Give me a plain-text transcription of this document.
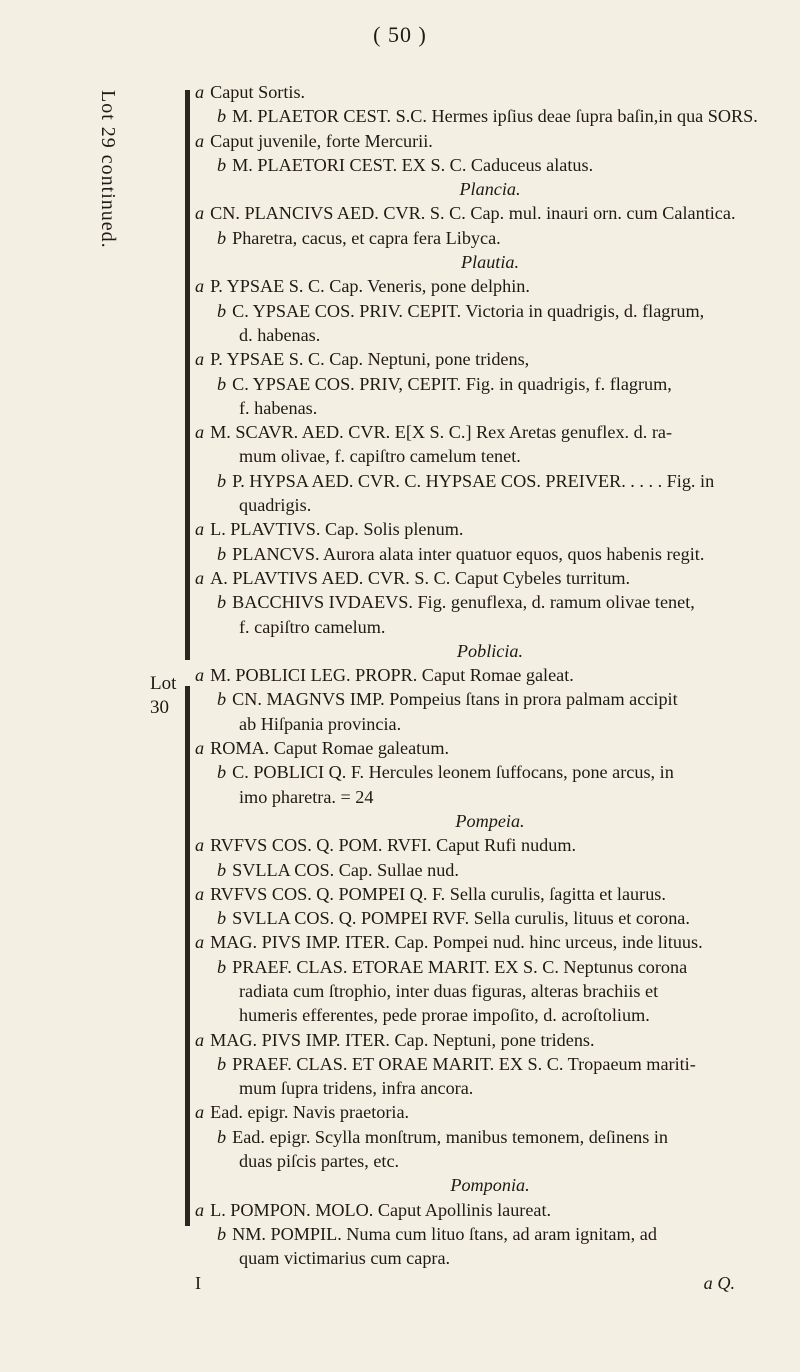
( 50 )
Lot 29 continued.
Lot
30
a Caput Sortis.
b M. PLAETOR CEST. S.C. Hermes ipſius deae ſupra baſin,in qua SORS.
a Caput juvenile, forte Mercurii.
b M. PLAETORI CEST. EX S. C. Caduceus alatus.
Plancia.
a CN. PLANCIVS AED. CVR. S. C. Cap. mul. inauri orn. cum Calantica.
b Pharetra, cacus, et capra fera Libyca.
Plautia.
a P. YPSAE S. C. Cap. Veneris, pone delphin.
b C. YPSAE COS. PRIV. CEPIT. Victoria in quadrigis, d. flagrum,
d. habenas.
a P. YPSAE S. C. Cap. Neptuni, pone tridens,
b C. YPSAE COS. PRIV, CEPIT. Fig. in quadrigis, f. flagrum,
f. habenas.
a M. SCAVR. AED. CVR. E[X S. C.] Rex Aretas genuflex. d. ra-
mum olivae, f. capiſtro camelum tenet.
b P. HYPSA AED. CVR. C. HYPSAE COS. PREIVER. . . . . Fig. in
quadrigis.
a L. PLAVTIVS. Cap. Solis plenum.
b PLANCVS. Aurora alata inter quatuor equos, quos habenis regit.
a A. PLAVTIVS AED. CVR. S. C. Caput Cybeles turritum.
b BACCHIVS IVDAEVS. Fig. genuflexa, d. ramum olivae tenet,
f. capiſtro camelum.
Poblicia.
a M. POBLICI LEG. PROPR. Caput Romae galeat.
b CN. MAGNVS IMP. Pompeius ſtans in prora palmam accipit
ab Hiſpania provincia.
a ROMA. Caput Romae galeatum.
b C. POBLICI Q. F. Hercules leonem ſuffocans, pone arcus, in
imo pharetra. = 24
Pompeia.
a RVFVS COS. Q. POM. RVFI. Caput Rufi nudum.
b SVLLA COS. Cap. Sullae nud.
a RVFVS COS. Q. POMPEI Q. F. Sella curulis, ſagitta et laurus.
b SVLLA COS. Q. POMPEI RVF. Sella curulis, lituus et corona.
a MAG. PIVS IMP. ITER. Cap. Pompei nud. hinc urceus, inde lituus.
b PRAEF. CLAS. ETORAE MARIT. EX S. C. Neptunus corona
radiata cum ſtrophio, inter duas figuras, alteras brachiis et
humeris efferentes, pede prorae impoſito, d. acroſtolium.
a MAG. PIVS IMP. ITER. Cap. Neptuni, pone tridens.
b PRAEF. CLAS. ET ORAE MARIT. EX S. C. Tropaeum mariti-
mum ſupra tridens, infra ancora.
a Ead. epigr. Navis praetoria.
b Ead. epigr. Scylla monſtrum, manibus temonem, deſinens in
duas piſcis partes, etc.
Pomponia.
a L. POMPON. MOLO. Caput Apollinis laureat.
b NM. POMPIL. Numa cum lituo ſtans, ad aram ignitam, ad
quam victimarius cum capra.
I	a Q.
